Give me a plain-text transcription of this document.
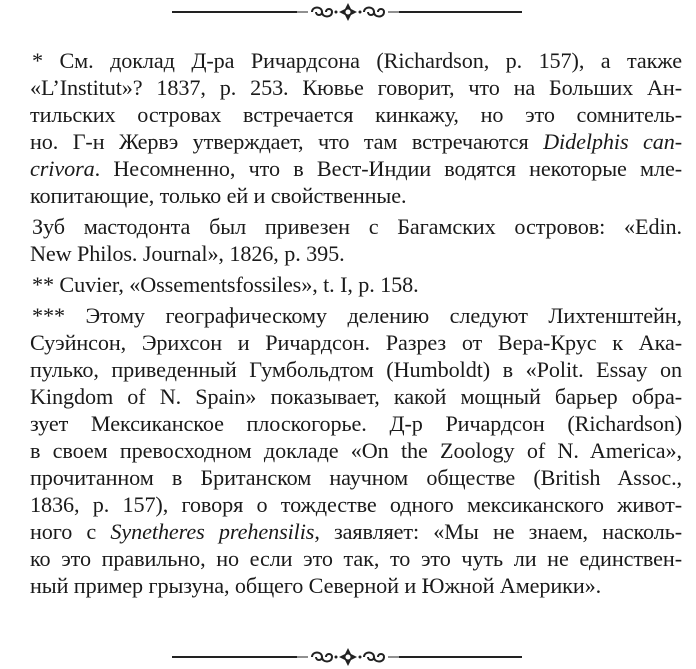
* См. доклад Д-ра Ричардсона (Richardson, p. 157), а также
«L’Institut»? 1837, p. 253. Кювье говорит, что на Больших Ан-
тильских островах встречается кинкажу, но это сомнитель-
но. Г-н Жервэ утверждает, что там встречаются Didelphis can-
crivora. Несомненно, что в Вест-Индии водятся некоторые мле-
копитающие, только ей и свойственные.

Зуб мастодонта был привезен с Багамских островов: «Edin.
New Philos. Journal», 1826, p. 395.

** Cuvier, «Ossementsfossiles», t. I, p. 158.

*** Этому географическому делению следуют Лихтенштейн,
Суэйнсон, Эрихсон и Ричардсон. Разрез от Вера-Крус к Ака-
пулько, приведенный Гумбольдтом (Humboldt) в «Polit. Essay on
Kingdom of N. Spain» показывает, какой мощный барьер обра-
зует Мексиканское плоскогорье. Д-р Ричардсон (Richardson)
в своем превосходном докладе «On the Zoology of N. America»,
прочитанном в Британском научном обществе (British Assoc.,
1836, p. 157), говоря о тождестве одного мексиканского живот-
ного с Synetheres prehensilis, заявляет: «Мы не знаем, насколь-
ко это правильно, но если это так, то это чуть ли не единствен-
ный пример грызуна, общего Северной и Южной Америки».
